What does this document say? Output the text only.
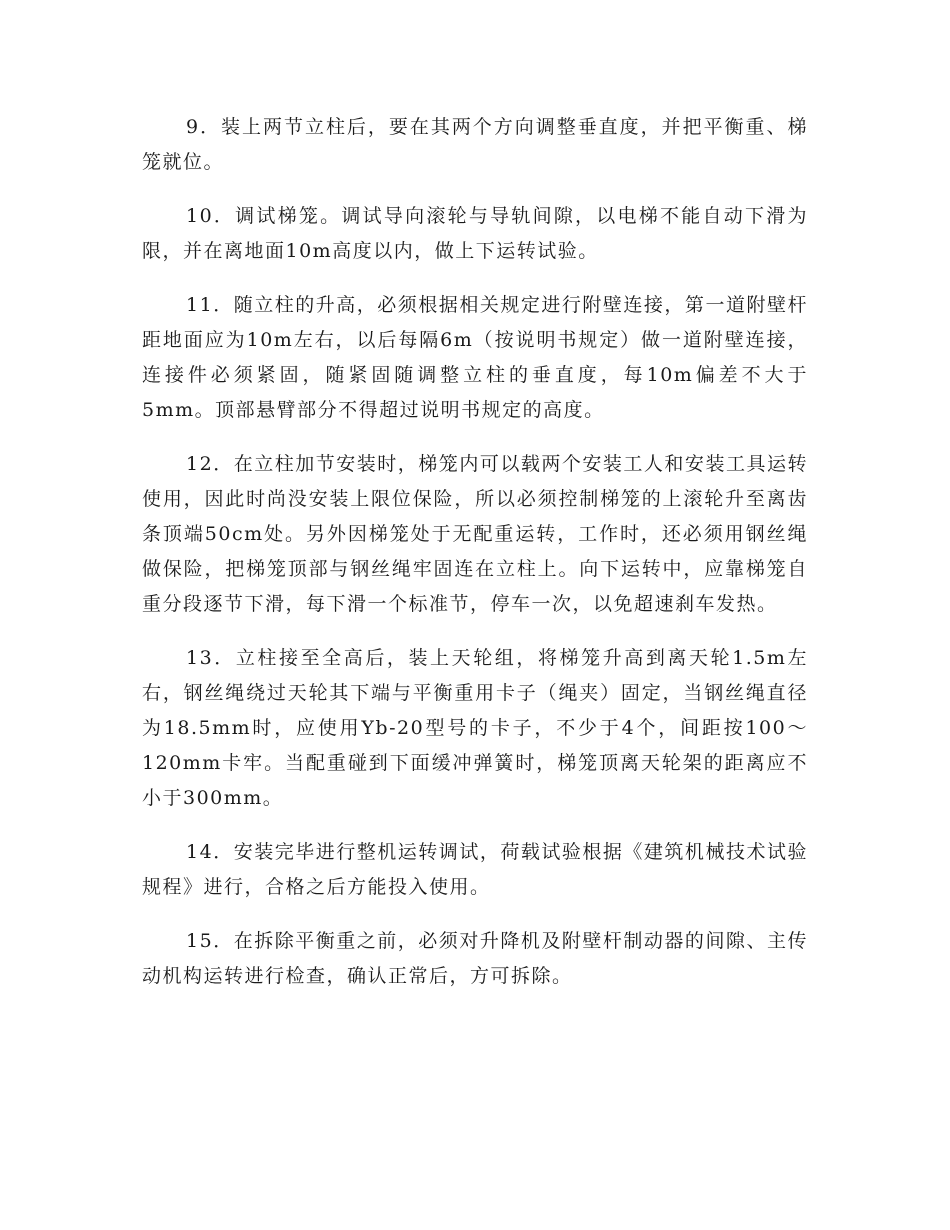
9．装上两节立柱后，要在其两个方向调整垂直度，并把平衡重、梯笼就位。

10．调试梯笼。调试导向滚轮与导轨间隙，以电梯不能自动下滑为限，并在离地面10m高度以内，做上下运转试验。

11．随立柱的升高，必须根据相关规定进行附壁连接，第一道附壁杆距地面应为10m左右，以后每隔6m（按说明书规定）做一道附壁连接，连接件必须紧固，随紧固随调整立柱的垂直度，每10m偏差不大于5mm。顶部悬臂部分不得超过说明书规定的高度。

12．在立柱加节安装时，梯笼内可以载两个安装工人和安装工具运转使用，因此时尚没安装上限位保险，所以必须控制梯笼的上滚轮升至离齿条顶端50cm处。另外因梯笼处于无配重运转，工作时，还必须用钢丝绳做保险，把梯笼顶部与钢丝绳牢固连在立柱上。向下运转中，应靠梯笼自重分段逐节下滑，每下滑一个标准节，停车一次，以免超速刹车发热。

13．立柱接至全高后，装上天轮组，将梯笼升高到离天轮1.5m左右，钢丝绳绕过天轮其下端与平衡重用卡子（绳夹）固定，当钢丝绳直径为18.5mm时，应使用Yb-20型号的卡子，不少于4个，间距按100～120mm卡牢。当配重碰到下面缓冲弹簧时，梯笼顶离天轮架的距离应不小于300mm。

14．安装完毕进行整机运转调试，荷载试验根据《建筑机械技术试验规程》进行，合格之后方能投入使用。

15．在拆除平衡重之前，必须对升降机及附壁杆制动器的间隙、主传动机构运转进行检查，确认正常后，方可拆除。
